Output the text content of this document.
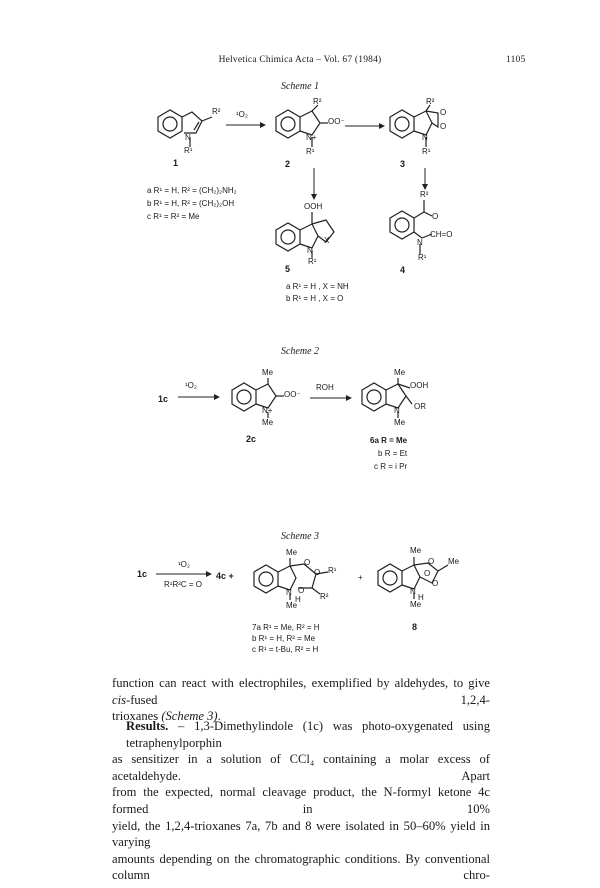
Helvetica Chimica Acta – Vol. 67 (1984)	1105
Scheme 1
R²
N
R¹
1
¹O₂
R²
OO⁻
N+
R¹
2
R²
O
O
N
R¹
3
a R¹ = H, R² = (CH₂)₂NH₂
b R¹ = H, R² = (CH₂)₂OH
c R¹ = R² = Me
OOH
X
N
R¹
5
R²
O
N
CH=O
R¹
4
a R¹ = H , X = NH
b R¹ = H , X = O
Scheme 2
1c
¹O₂
Me
OO⁻
N+
Me
2c
ROH
Me
OOH
OR
N
Me
6a R = Me
b R = Et
c R = i Pr
Scheme 3
1c
¹O₂
R¹R²C = O
4c +
Me
O
O
O
R¹
R²
N
H
Me
+
Me
O
O
O
Me
N
H
Me
7a R¹ = Me, R² = H
b R¹ = H, R² = Me
c R¹ = t-Bu, R² = H
8
function can react with electrophiles, exemplified by aldehydes, to give cis-fused 1,2,4-
trioxanes (Scheme 3).
Results. – 1,3-Dimethylindole (1c) was photo-oxygenated using tetraphenylporphin
as sensitizer in a solution of CCl₄ containing a molar excess of acetaldehyde. Apart
from the expected, normal cleavage product, the N-formyl ketone 4c formed in 10%
yield, the 1,2,4-trioxanes 7a, 7b and 8 were isolated in 50–60% yield in varying
amounts depending on the chromatographic conditions. By conventional column chro-
